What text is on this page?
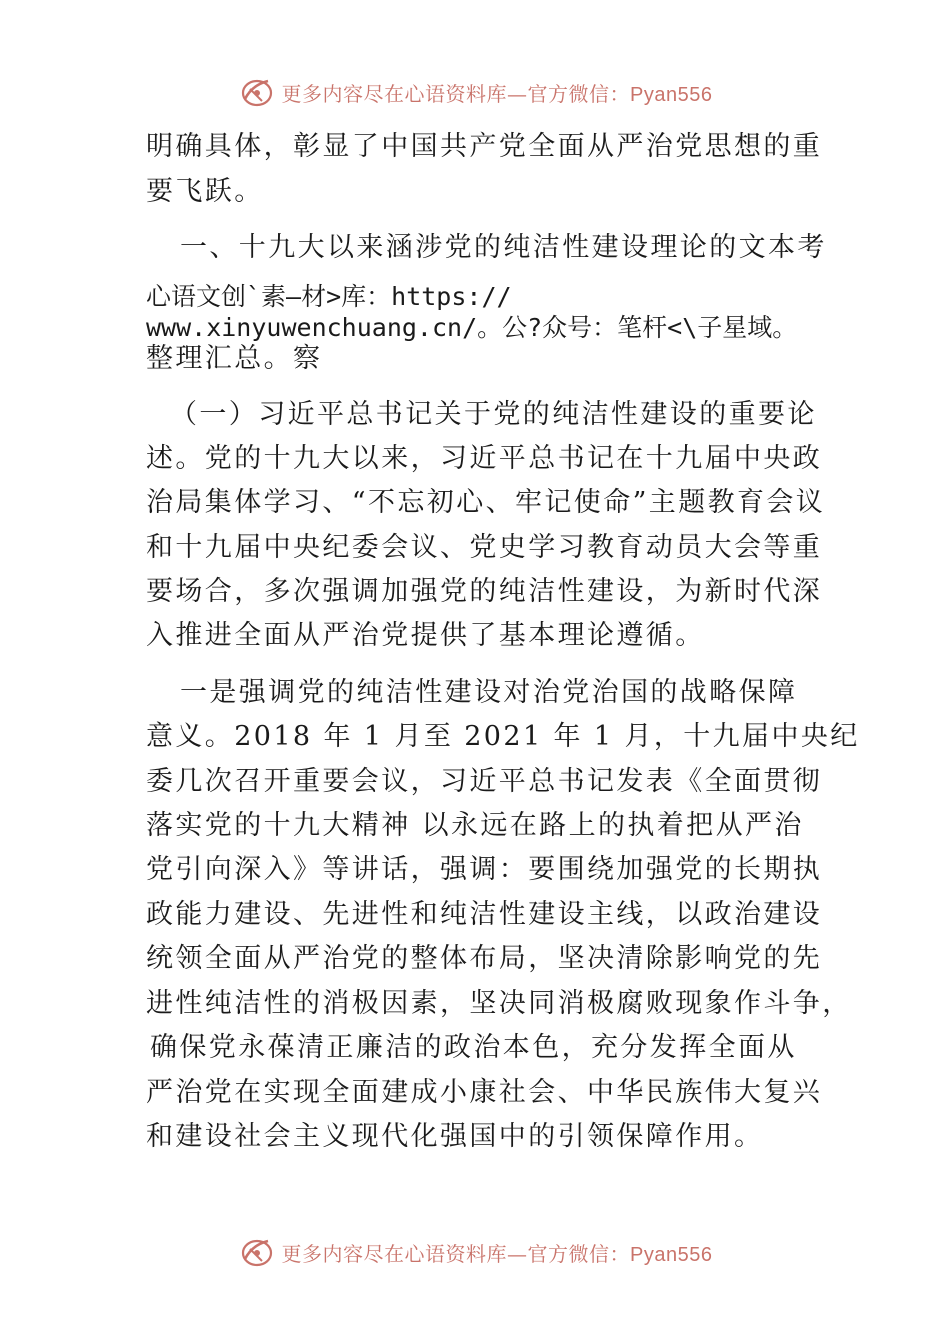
更多内容尽在心语资料库—官方微信：Pyan556
明确具体，彰显了中国共产党全面从严治党思想的重
要飞跃。
一、十九大以来涵涉党的纯洁性建设理论的文本考
心语文创`素—材>库：https://
www.xinyuwenchuang.cn/。公?众号：笔杆<\子星域。
整理汇总。察
（一）习近平总书记关于党的纯洁性建设的重要论
述。党的十九大以来，习近平总书记在十九届中央政
治局集体学习、“不忘初心、牢记使命”主题教育会议
和十九届中央纪委会议、党史学习教育动员大会等重
要场合，多次强调加强党的纯洁性建设，为新时代深
入推进全面从严治党提供了基本理论遵循。
一是强调党的纯洁性建设对治党治国的战略保障
意义。2018 年 1 月至 2021 年 1 月，十九届中央纪
委几次召开重要会议，习近平总书记发表《全面贯彻
落实党的十九大精神 以永远在路上的执着把从严治
党引向深入》等讲话，强调：要围绕加强党的长期执
政能力建设、先进性和纯洁性建设主线，以政治建设
统领全面从严治党的整体布局，坚决清除影响党的先
进性纯洁性的消极因素，坚决同消极腐败现象作斗争，
确保党永葆清正廉洁的政治本色，充分发挥全面从
严治党在实现全面建成小康社会、中华民族伟大复兴
和建设社会主义现代化强国中的引领保障作用。
更多内容尽在心语资料库—官方微信：Pyan556
